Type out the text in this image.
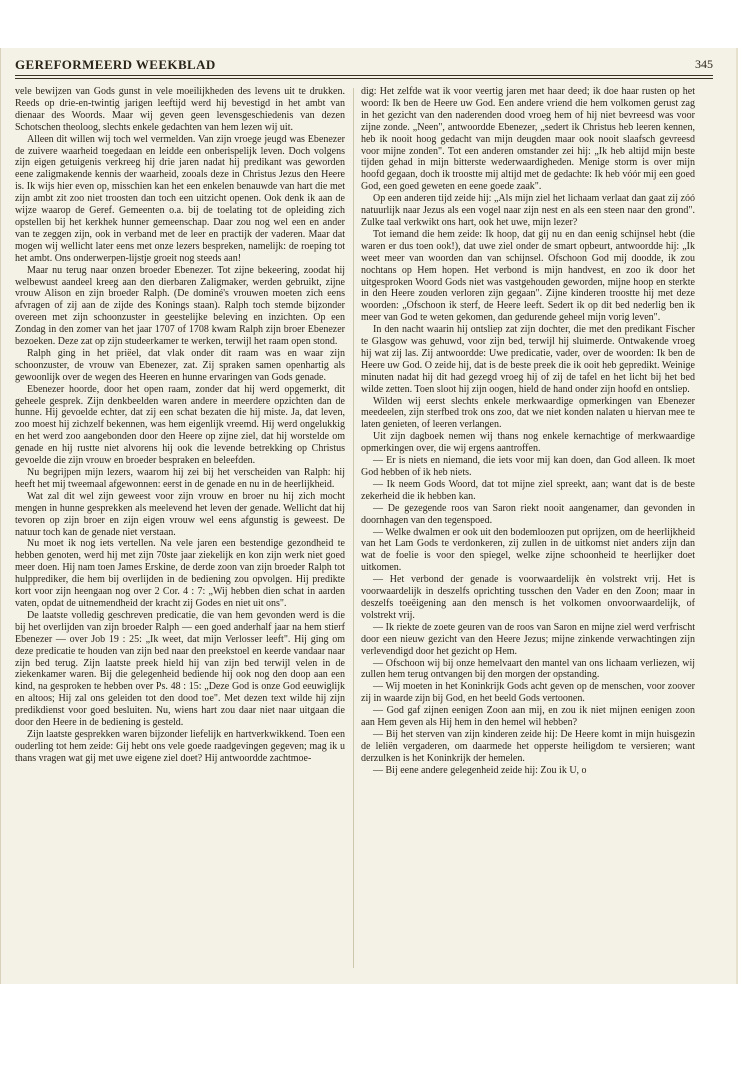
GEREFORMEERD WEEKBLAD	345

vele bewijzen van Gods gunst in vele moeilijkheden des levens uit te drukken. Reeds op drie-en-twintig jarigen leeftijd werd hij bevestigd in het ambt van dienaar des Woords. Maar wij geven geen levensgeschiedenis van dezen Schotschen theoloog, slechts enkele gedachten van hem lezen wij uit.

Alleen dit willen wij toch wel vermelden. Van zijn vroege jeugd was Ebenezer de zuivere waarheid toegedaan en leidde een onberispelijk leven. Doch volgens zijn eigen getuigenis verkreeg hij drie jaren nadat hij predikant was geworden eene zaligmakende kennis der waarheid, zooals deze in Christus Jezus den Heere is. Ik wijs hier even op, misschien kan het een enkelen benauwde van hart die met zijn ambt zit zoo niet troosten dan toch een uitzicht openen. Ook denk ik aan de wijze waarop de Geref. Gemeenten o.a. bij de toelating tot de opleiding zich opstellen bij het kerkhek hunner gemeenschap. Daar zou nog wel een en ander van te zeggen zijn, ook in verband met de leer en practijk der vaderen. Maar dat mogen wij wellicht later eens met onze lezers bespreken, namelijk: de roeping tot het ambt. Ons onderwerpen-lijstje groeit nog steeds aan!

Maar nu terug naar onzen broeder Ebenezer. Tot zijne bekeering, zoodat hij welbewust aandeel kreeg aan den dierbaren Zaligmaker, werden gebruikt, zijne vrouw Alison en zijn broeder Ralph. (De dominé's vrouwen moeten zich eens afvragen of zij aan de zijde des Konings staan). Ralph toch stemde bijzonder overeen met zijn schoonzuster in geestelijke beleving en inzichten. Op een Zondag in den zomer van het jaar 1707 of 1708 kwam Ralph zijn broer Ebenezer bezoeken. Deze zat op zijn studeerkamer te werken, terwijl het raam open stond.

Ralph ging in het priëel, dat vlak onder dit raam was en waar zijn schoonzuster, de vrouw van Ebenezer, zat. Zij spraken samen openhartig als gewoonlijk over de wegen des Heeren en hunne ervaringen van Gods genade.

Ebenezer hoorde, door het open raam, zonder dat hij werd opgemerkt, dit geheele gesprek. Zijn denkbeelden waren andere in meerdere opzichten dan de hunne. Hij gevoelde echter, dat zij een schat bezaten die hij miste. Ja, dat leven, zoo moest hij zichzelf bekennen, was hem eigenlijk vreemd. Hij werd ongelukkig en het werd zoo aangebonden door den Heere op zijne ziel, dat hij worstelde om genade en hij rustte niet alvorens hij ook die levende betrekking op Christus gevoelde die zijn vrouw en broeder bespraken en beleefden.

Nu begrijpen mijn lezers, waarom hij zei bij het verscheiden van Ralph: hij heeft het mij tweemaal afgewonnen: eerst in de genade en nu in de heerlijkheid.

Wat zal dit wel zijn geweest voor zijn vrouw en broer nu hij zich mocht mengen in hunne gesprekken als meelevend het leven der genade. Wellicht dat hij tevoren op zijn broer en zijn eigen vrouw wel eens afgunstig is geweest. De natuur toch kan de genade niet verstaan.

Nu moet ik nog iets vertellen. Na vele jaren een bestendige gezondheid te hebben genoten, werd hij met zijn 70ste jaar ziekelijk en kon zijn werk niet goed meer doen. Hij nam toen James Erskine, de derde zoon van zijn broeder Ralph tot hulpprediker, die hem bij overlijden in de bediening zou opvolgen. Hij predikte kort voor zijn heengaan nog over 2 Cor. 4 : 7: „Wij hebben dien schat in aarden vaten, opdat de uitnemendheid der kracht zij Godes en niet uit ons".

De laatste volledig geschreven predicatie, die van hem gevonden werd is die bij het overlijden van zijn broeder Ralph — een goed anderhalf jaar na hem stierf Ebenezer — over Job 19 : 25: „Ik weet, dat mijn Verlosser leeft". Hij ging om deze predicatie te houden van zijn bed naar den preekstoel en keerde vandaar naar zijn bed terug. Zijn laatste preek hield hij van zijn bed terwijl velen in de ziekenkamer waren. Bij die gelegenheid bediende hij ook nog den doop aan een kind, na gesproken te hebben over Ps. 48 : 15: „Deze God is onze God eeuwiglijk en altoos; Hij zal ons geleiden tot den dood toe". Met dezen text wilde hij zijn predikdienst voor goed besluiten. Nu, wiens hart zou daar niet naar uitgaan die door den Heere in de bediening is gesteld.

Zijn laatste gesprekken waren bijzonder liefelijk en hartverkwikkend. Toen een ouderling tot hem zeide: Gij hebt ons vele goede raadgevingen gegeven; mag ik u thans vragen wat gij met uwe eigene ziel doet? Hij antwoordde zachtmoe-

dig: Het zelfde wat ik voor veertig jaren met haar deed; ik doe haar rusten op het woord: Ik ben de Heere uw God. Een andere vriend die hem volkomen gerust zag in het gezicht van den naderenden dood vroeg hem of hij niet bevreesd was voor zijne zonde. „Neen", antwoordde Ebenezer, „sedert ik Christus heb leeren kennen, heb ik nooit hoog gedacht van mijn deugden maar ook nooit slaafsch gevreesd voor mijne zonden". Tot een anderen omstander zei hij: „Ik heb altijd mijn beste tijden gehad in mijn bitterste wederwaardigheden. Menige storm is over mijn hoofd gegaan, doch ik troostte mij altijd met de gedachte: Ik heb vóór mij een goed God, een goed geweten en eene goede zaak".

Op een anderen tijd zeide hij: „Als mijn ziel het lichaam verlaat dan gaat zij zóó natuurlijk naar Jezus als een vogel naar zijn nest en als een steen naar den grond". Zulke taal verkwikt ons hart, ook het uwe, mijn lezer?

Tot iemand die hem zeide: Ik hoop, dat gij nu en dan eenig schijnsel hebt (die waren er dus toen ook!), dat uwe ziel onder de smart opbeurt, antwoordde hij: „Ik weet meer van woorden dan van schijnsel. Ofschoon God mij doodde, ik zou nochtans op Hem hopen. Het verbond is mijn handvest, en zoo ik door het uitgesproken Woord Gods niet was vastgehouden geworden, mijne hoop en sterkte in den Heere zouden verloren zijn gegaan". Zijne kinderen troostte hij met deze woorden: „Ofschoon ik sterf, de Heere leeft. Sedert ik op dit bed nederlig ben ik meer van God te weten gekomen, dan gedurende geheel mijn vorig leven".

In den nacht waarin hij ontsliep zat zijn dochter, die met den predikant Fischer te Glasgow was gehuwd, voor zijn bed, terwijl hij sluimerde. Ontwakende vroeg hij wat zij las. Zij antwoordde: Uwe predicatie, vader, over de woorden: Ik ben de Heere uw God. O zeide hij, dat is de beste preek die ik ooit heb gepredikt. Weinige minuten nadat hij dit had gezegd vroeg hij of zij de tafel en het licht bij het bed wilde zetten. Toen sloot hij zijn oogen, hield de hand onder zijn hoofd en ontsliep.

Wilden wij eerst slechts enkele merkwaardige opmerkingen van Ebenezer meedeelen, zijn sterfbed trok ons zoo, dat we niet konden nalaten u hiervan mee te laten genieten, of leeren verlangen.

Uit zijn dagboek nemen wij thans nog enkele kernachtige of merkwaardige opmerkingen over, die wij ergens aantroffen.

— Er is niets en niemand, die iets voor mij kan doen, dan God alleen. Ik moet God hebben of ik heb niets.

— Ik neem Gods Woord, dat tot mijne ziel spreekt, aan; want dat is de beste zekerheid die ik hebben kan.

— De gezegende roos van Saron riekt nooit aangenamer, dan gevonden in doornhagen van den tegenspoed.

— Welke dwalmen er ook uit den bodemloozen put oprijzen, om de heerlijkheid van het Lam Gods te verdonkeren, zij zullen in de uitkomst niet anders zijn dan wat de foelie is voor den spiegel, welke zijne schoonheid te heerlijker doet uitkomen.

— Het verbond der genade is voorwaardelijk èn volstrekt vrij. Het is voorwaardelijk in deszelfs oprichting tusschen den Vader en den Zoon; maar in deszelfs toeëigening aan den mensch is het volkomen onvoorwaardelijk, of volstrekt vrij.

— Ik riekte de zoete geuren van de roos van Saron en mijne ziel werd verfrischt door een nieuw gezicht van den Heere Jezus; mijne zinkende verwachtingen zijn verlevendigd door het gezicht op Hem.

— Ofschoon wij bij onze hemelvaart den mantel van ons lichaam verliezen, wij zullen hem terug ontvangen bij den morgen der opstanding.

— Wij moeten in het Koninkrijk Gods acht geven op de menschen, voor zoover zij in waarde zijn bij God, en het beeld Gods vertoonen.

— God gaf zijnen eenigen Zoon aan mij, en zou ik niet mijnen eenigen zoon aan Hem geven als Hij hem in den hemel wil hebben?

— Bij het sterven van zijn kinderen zeide hij: De Heere komt in mijn huisgezin de leliën vergaderen, om daarmede het opperste heiligdom te versieren; want derzulken is het Koninkrijk der hemelen.

— Bij eene andere gelegenheid zeide hij: Zou ik U, o
